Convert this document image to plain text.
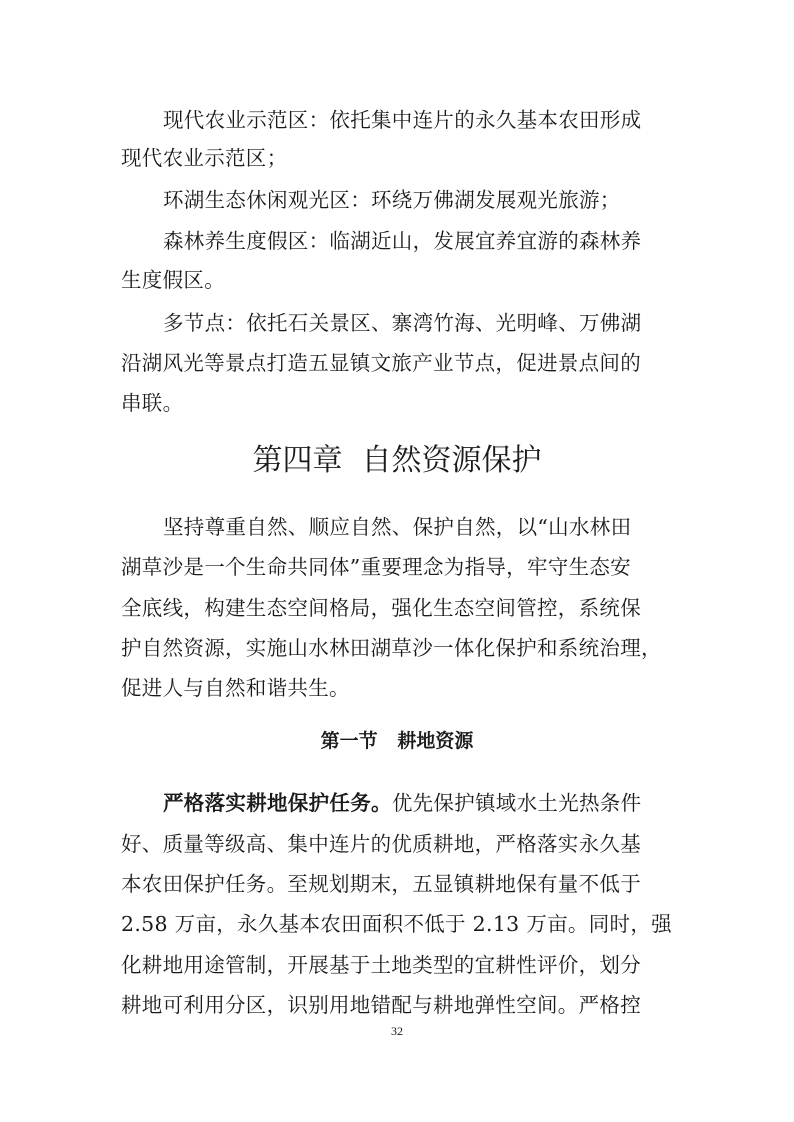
现代农业示范区：依托集中连片的永久基本农田形成
现代农业示范区；
环湖生态休闲观光区：环绕万佛湖发展观光旅游；
森林养生度假区：临湖近山，发展宜养宜游的森林养
生度假区。
多节点：依托石关景区、寨湾竹海、光明峰、万佛湖
沿湖风光等景点打造五显镇文旅产业节点，促进景点间的
串联。
第四章  自然资源保护
坚持尊重自然、顺应自然、保护自然，以“山水林田
湖草沙是一个生命共同体”重要理念为指导，牢守生态安
全底线，构建生态空间格局，强化生态空间管控，系统保
护自然资源，实施山水林田湖草沙一体化保护和系统治理，
促进人与自然和谐共生。
第一节   耕地资源
严格落实耕地保护任务。优先保护镇域水土光热条件
好、质量等级高、集中连片的优质耕地，严格落实永久基
本农田保护任务。至规划期末，五显镇耕地保有量不低于
2.58 万亩，永久基本农田面积不低于 2.13 万亩。同时，强
化耕地用途管制，开展基于土地类型的宜耕性评价，划分
耕地可利用分区，识别用地错配与耕地弹性空间。严格控
32
